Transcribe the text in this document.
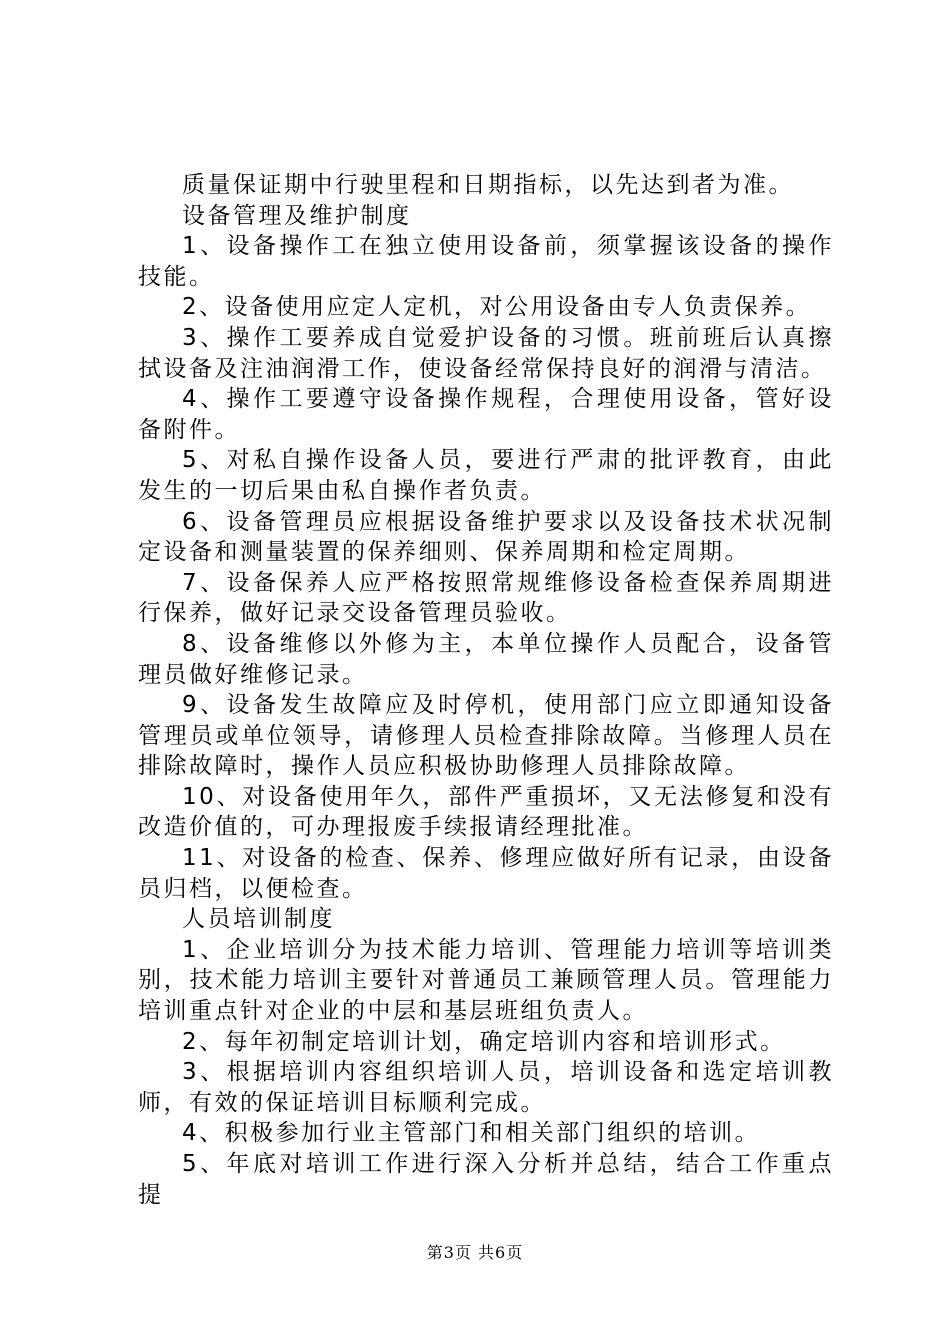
质量保证期中行驶里程和日期指标，以先达到者为准。

设备管理及维护制度

1、设备操作工在独立使用设备前，须掌握该设备的操作技能。

2、设备使用应定人定机，对公用设备由专人负责保养。

3、操作工要养成自觉爱护设备的习惯。班前班后认真擦拭设备及注油润滑工作，使设备经常保持良好的润滑与清洁。

4、操作工要遵守设备操作规程，合理使用设备，管好设备附件。

5、对私自操作设备人员，要进行严肃的批评教育，由此发生的一切后果由私自操作者负责。

6、设备管理员应根据设备维护要求以及设备技术状况制定设备和测量装置的保养细则、保养周期和检定周期。

7、设备保养人应严格按照常规维修设备检查保养周期进行保养，做好记录交设备管理员验收。

8、设备维修以外修为主，本单位操作人员配合，设备管理员做好维修记录。

9、设备发生故障应及时停机，使用部门应立即通知设备管理员或单位领导，请修理人员检查排除故障。当修理人员在排除故障时，操作人员应积极协助修理人员排除故障。

10、对设备使用年久，部件严重损坏，又无法修复和没有改造价值的，可办理报废手续报请经理批准。

11、对设备的检查、保养、修理应做好所有记录，由设备员归档，以便检查。

人员培训制度

1、企业培训分为技术能力培训、管理能力培训等培训类别，技术能力培训主要针对普通员工兼顾管理人员。管理能力培训重点针对企业的中层和基层班组负责人。

2、每年初制定培训计划，确定培训内容和培训形式。

3、根据培训内容组织培训人员，培训设备和选定培训教师，有效的保证培训目标顺利完成。

4、积极参加行业主管部门和相关部门组织的培训。

5、年底对培训工作进行深入分析并总结，结合工作重点提

第3页 共6页
